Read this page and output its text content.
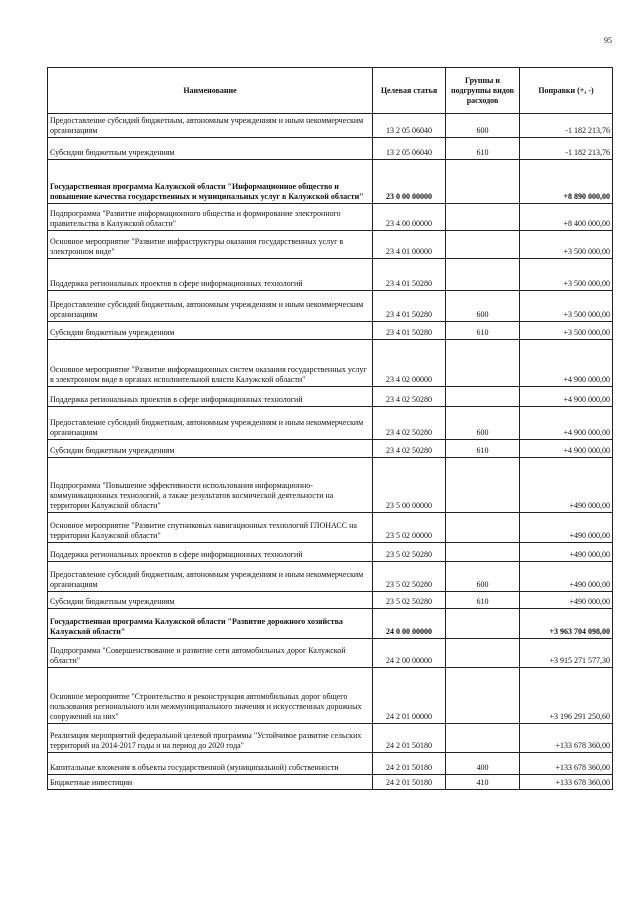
95
Наименование	Целевая статья	Группы и подгруппы видов расходов	Поправки (+, -)
Предоставление субсидий бюджетным, автономным учреждениям и иным некоммерческим организациям	13 2 05 06040	600	-1 182 213,76
Субсидии бюджетным учреждениям	13 2 05 06040	610	-1 182 213,76
Государственная программа Калужской области "Информационное общество и повышение качества государственных и муниципальных услуг в Калужской области"	23 0 00 00000		+8 890 000,00
Подпрограмма "Развитие информационного общества и формирование электронного правительства в Калужской области"	23 4 00 00000		+8 400 000,00
Основное мероприятие "Развитие инфраструктуры оказания государственных услуг в электронном виде"	23 4 01 00000		+3 500 000,00
Поддержка региональных проектов в сфере информационных технологий	23 4 01 50280		+3 500 000,00
Предоставление субсидий бюджетным, автономным учреждениям и иным некоммерческим организациям	23 4 01 50280	600	+3 500 000,00
Субсидии бюджетным учреждениям	23 4 01 50280	610	+3 500 000,00
Основное мероприятие "Развитие информационных систем оказания государственных услуг в электронном виде в органах исполнительной власти Калужской области"	23 4 02 00000		+4 900 000,00
Поддержка региональных проектов в сфере информационных технологий	23 4 02 50280		+4 900 000,00
Предоставление субсидий бюджетным, автономным учреждениям и иным некоммерческим организациям	23 4 02 50280	600	+4 900 000,00
Субсидии бюджетным учреждениям	23 4 02 50280	610	+4 900 000,00
Подпрограмма "Повышение эффективности использования информационно-коммуникационных технологий, а также результатов космической деятельности на территории Калужской области"	23 5 00 00000		+490 000,00
Основное мероприятие "Развитие спутниковых навигационных технологий ГЛОНАСС на территории Калужской области"	23 5 02 00000		+490 000,00
Поддержка региональных проектов в сфере информационных технологий	23 5 02 50280		+490 000,00
Предоставление субсидий бюджетным, автономным учреждениям и иным некоммерческим организациям	23 5 02 50280	600	+490 000,00
Субсидии бюджетным учреждениям	23 5 02 50280	610	+490 000,00
Государственная программа Калужской области "Развитие дорожного хозяйства Калужской области"	24 0 00 00000		+3 963 704 098,00
Подпрограмма "Совершенствование и развитие сети автомобильных дорог Калужской области"	24 2 00 00000		+3 915 271 577,30
Основное мероприятие "Строительство и реконструкция автомобильных дорог общего пользования регионального или межмуниципального значения и искусственных дорожных сооружений на них"	24 2 01 00000		+3 196 291 250,60
Реализация мероприятий федеральной целевой программы "Устойчивое развитие сельских территорий на 2014-2017 годы и на период до 2020 года"	24 2 01 50180		+133 678 360,00
Капитальные вложения в объекты государственной (муниципальной) собственности	24 2 01 50180	400	+133 678 360,00
Бюджетные инвестиции	24 2 01 50180	410	+133 678 360,00
